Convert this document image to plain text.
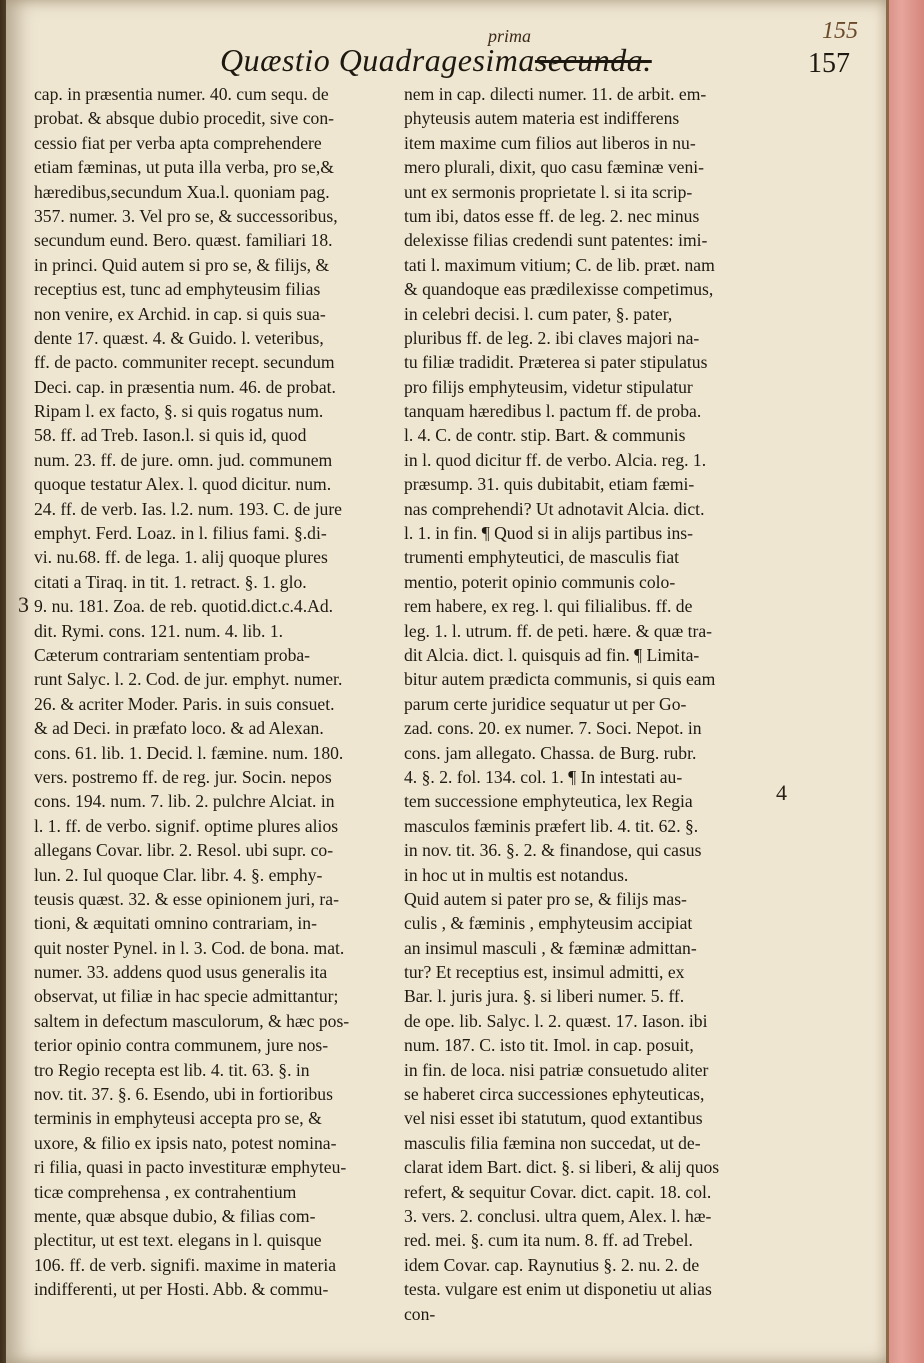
Quæstio Quadragesimasecunda.
prima	155
157
3
4
cap. in præsentia numer. 40. cum sequ. de
probat. & absque dubio procedit, sive con-
cessio fiat per verba apta comprehendere
etiam fæminas, ut puta illa verba, pro se,&
hæredibus,secundum Xua.l. quoniam pag.
357. numer. 3. Vel pro se, & successoribus,
secundum eund. Bero. quæst. familiari 18.
in princi. Quid autem si pro se, & filijs, &
receptius est, tunc ad emphyteusim filias
non venire, ex Archid. in cap. si quis sua-
dente 17. quæst. 4. & Guido. l. veteribus,
ff. de pacto. communiter recept. secundum
Deci. cap. in præsentia num. 46. de probat.
Ripam l. ex facto, §. si quis rogatus num.
58. ff. ad Treb. Iason.l. si quis id, quod
num. 23. ff. de jure. omn. jud. communem
quoque testatur Alex. l. quod dicitur. num.
24. ff. de verb. Ias. l.2. num. 193. C. de jure
emphyt. Ferd. Loaz. in l. filius fami. §.di-
vi. nu.68. ff. de lega. 1. alij quoque plures
citati a Tiraq. in tit. 1. retract. §. 1. glo.
9. nu. 181. Zoa. de reb. quotid.dict.c.4.Ad.
dit. Rymi. cons. 121. num. 4. lib. 1.
Cæterum contrariam sententiam proba-
runt Salyc. l. 2. Cod. de jur. emphyt. numer.
26. & acriter Moder. Paris. in suis consuet.
& ad Deci. in præfato loco. & ad Alexan.
cons. 61. lib. 1. Decid. l. fæmine. num. 180.
vers. postremo ff. de reg. jur. Socin. nepos
cons. 194. num. 7. lib. 2. pulchre Alciat. in
l. 1. ff. de verbo. signif. optime plures alios
allegans Covar. libr. 2. Resol. ubi supr. co-
lun. 2. Iul quoque Clar. libr. 4. §. emphy-
teusis quæst. 32. & esse opinionem juri, ra-
tioni, & æquitati omnino contrariam, in-
quit noster Pynel. in l. 3. Cod. de bona. mat.
numer. 33. addens quod usus generalis ita
observat, ut filiæ in hac specie admittantur;
saltem in defectum masculorum, & hæc pos-
terior opinio contra communem, jure nos-
tro Regio recepta est lib. 4. tit. 63. §. in
nov. tit. 37. §. 6. Esendo, ubi in fortioribus
terminis in emphyteusi accepta pro se, &
uxore, & filio ex ipsis nato, potest nomina-
ri filia, quasi in pacto investituræ emphyteu-
ticæ comprehensa , ex contrahentium
mente, quæ absque dubio, & filias com-
plectitur, ut est text. elegans in l. quisque
106. ff. de verb. signifi. maxime in materia
indifferenti, ut per Hosti. Abb. & commu-
nem in cap. dilecti numer. 11. de arbit. em-
phyteusis autem materia est indifferens
item maxime cum filios aut liberos in nu-
mero plurali, dixit, quo casu fæminæ veni-
unt ex sermonis proprietate l. si ita scrip-
tum ibi, datos esse ff. de leg. 2. nec minus
delexisse filias credendi sunt patentes: imi-
tati l. maximum vitium; C. de lib. præt. nam
& quandoque eas prædilexisse competimus,
in celebri decisi. l. cum pater, §. pater,
pluribus ff. de leg. 2. ibi claves majori na-
tu filiæ tradidit. Præterea si pater stipulatus
pro filijs emphyteusim, videtur stipulatur
tanquam hæredibus l. pactum ff. de proba.
l. 4. C. de contr. stip. Bart. & communis
in l. quod dicitur ff. de verbo. Alcia. reg. 1.
præsump. 31. quis dubitabit, etiam fæmi-
nas comprehendi? Ut adnotavit Alcia. dict.
l. 1. in fin. ¶ Quod si in alijs partibus ins-
trumenti emphyteutici, de masculis fiat
mentio, poterit opinio communis colo-
rem habere, ex reg. l. qui filialibus. ff. de
leg. 1. l. utrum. ff. de peti. hære. & quæ tra-
dit Alcia. dict. l. quisquis ad fin. ¶ Limita-
bitur autem prædicta communis, si quis eam
parum certe juridice sequatur ut per Go-
zad. cons. 20. ex numer. 7. Soci. Nepot. in
cons. jam allegato. Chassa. de Burg. rubr.
4. §. 2. fol. 134. col. 1. ¶ In intestati au-
tem successione emphyteutica, lex Regia
masculos fæminis præfert lib. 4. tit. 62. §.
in nov. tit. 36. §. 2. & finandose, qui casus
in hoc ut in multis est notandus.
Quid autem si pater pro se, & filijs mas-
culis , & fæminis , emphyteusim accipiat
an insimul masculi , & fæminæ admittan-
tur? Et receptius est, insimul admitti, ex
Bar. l. juris jura. §. si liberi numer. 5. ff.
de ope. lib. Salyc. l. 2. quæst. 17. Iason. ibi
num. 187. C. isto tit. Imol. in cap. posuit,
in fin. de loca. nisi patriæ consuetudo aliter
se haberet circa successiones ephyteuticas,
vel nisi esset ibi statutum, quod extantibus
masculis filia fæmina non succedat, ut de-
clarat idem Bart. dict. §. si liberi, & alij quos
refert, & sequitur Covar. dict. capit. 18. col.
3. vers. 2. conclusi. ultra quem, Alex. l. hæ-
red. mei. §. cum ita num. 8. ff. ad Trebel.
idem Covar. cap. Raynutius §. 2. nu. 2. de
testa. vulgare est enim ut disponetiu ut alias
con-
